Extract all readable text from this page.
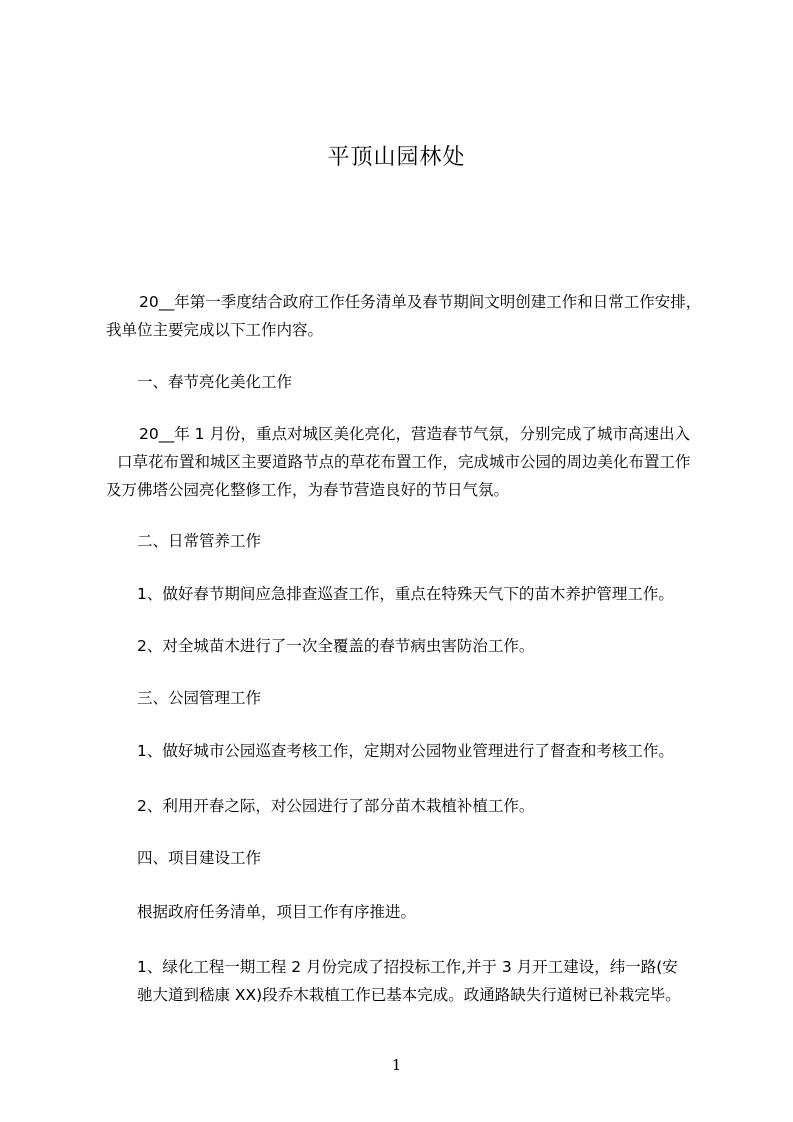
平顶山园林处
20__年第一季度结合政府工作任务清单及春节期间文明创建工作和日常工作安排，
我单位主要完成以下工作内容。
一、春节亮化美化工作
20__年 1 月份，重点对城区美化亮化，营造春节气氛，分别完成了城市高速出入
口草花布置和城区主要道路节点的草花布置工作，完成城市公园的周边美化布置工作
及万佛塔公园亮化整修工作，为春节营造良好的节日气氛。
二、日常管养工作
1、做好春节期间应急排查巡查工作，重点在特殊天气下的苗木养护管理工作。
2、对全城苗木进行了一次全覆盖的春节病虫害防治工作。
三、公园管理工作
1、做好城市公园巡查考核工作，定期对公园物业管理进行了督查和考核工作。
2、利用开春之际，对公园进行了部分苗木栽植补植工作。
四、项目建设工作
根据政府任务清单，项目工作有序推进。
1、绿化工程一期工程 2 月份完成了招投标工作,并于 3 月开工建设，纬一路(安
驰大道到嵇康 XX)段乔木栽植工作已基本完成。政通路缺失行道树已补栽完毕。
1
